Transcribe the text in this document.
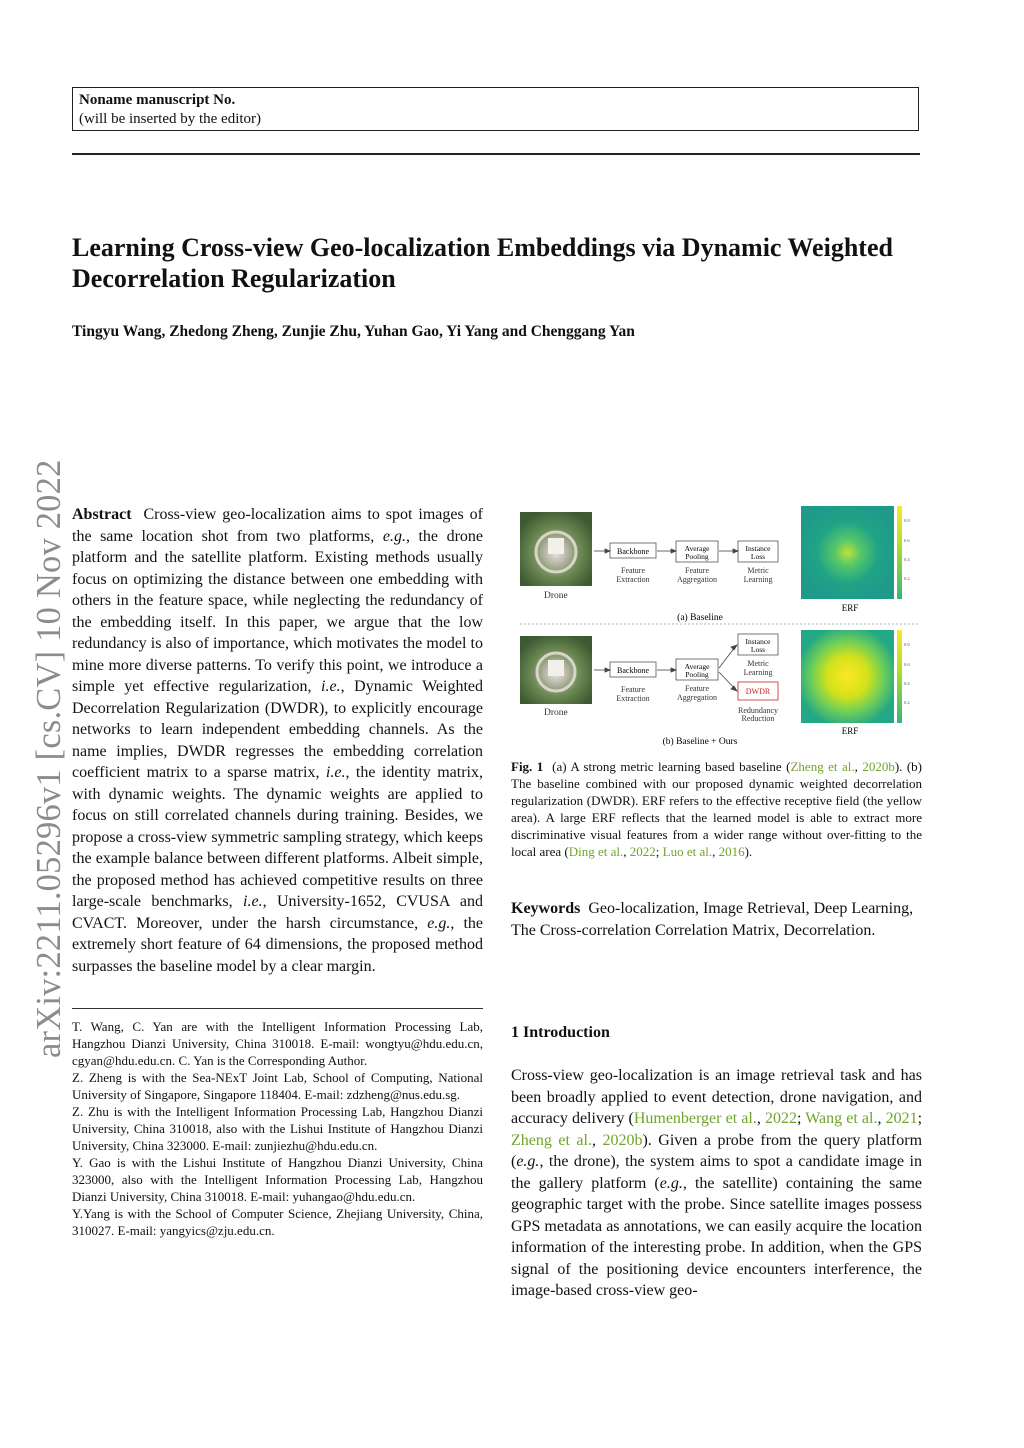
Noname manuscript No.
(will be inserted by the editor)
Learning Cross-view Geo-localization Embeddings via Dynamic Weighted Decorrelation Regularization
Tingyu Wang, Zhedong Zheng, Zunjie Zhu, Yuhan Gao, Yi Yang and Chenggang Yan
arXiv:2211.05296v1 [cs.CV] 10 Nov 2022 Abstract Cross-view geo-localization aims to spot images of the same location shot from two platforms, e.g., the drone platform and the satellite platform. Existing methods usually focus on optimizing the distance between one embedding with others in the feature space, while neglecting the redundancy of the embedding itself. In this paper, we argue that the low redundancy is also of importance, which motivates the model to mine more diverse patterns. To verify this point, we introduce a simple yet effective regularization, i.e., Dynamic Weighted Decorrelation Regularization (DWDR), to explicitly encourage networks to learn independent embedding channels. As the name implies, DWDR regresses the embedding correlation coefficient matrix to a sparse matrix, i.e., the identity matrix, with dynamic weights. The dynamic weights are applied to focus on still correlated channels during training. Besides, we propose a cross-view symmetric sampling strategy, which keeps the example balance between different platforms. Albeit simple, the proposed method has achieved competitive results on three large-scale benchmarks, i.e., University-1652, CVUSA and CVACT. Moreover, under the harsh circumstance, e.g., the extremely short feature of 64 dimensions, the proposed method surpasses the baseline model by a clear margin.

T. Wang, C. Yan are with the Intelligent Information Processing Lab, Hangzhou Dianzi University, China 310018. E-mail: wongtyu@hdu.edu.cn, cgyan@hdu.edu.cn. C. Yan is the Corresponding Author.

Z. Zheng is with the Sea-NExT Joint Lab, School of Computing, National University of Singapore, Singapore 118404. E-mail: zdzheng@nus.edu.sg.

Z. Zhu is with the Intelligent Information Processing Lab, Hangzhou Dianzi University, China 310018, also with the Lishui Institute of Hangzhou Dianzi University, China 323000. E-mail: zunjiezhu@hdu.edu.cn.

Y. Gao is with the Lishui Institute of Hangzhou Dianzi University, China 323000, also with the Intelligent Information Processing Lab, Hangzhou Dianzi University, China 310018. E-mail: yuhangao@hdu.edu.cn.

Y.Yang is with the School of Computer Science, Zhejiang University, China, 310027. E-mail: yangyics@zju.edu.cn.

Drone
Backbone
Feature
Extraction
Average
Pooling
Feature
Aggregation
Instance
Loss
Metric
Learning
0.8
0.6
0.4
0.2
ERF
(a) Baseline
Drone
Backbone
Feature
Extraction
Average
Pooling
Feature
Aggregation
Instance
Loss
Metric
Learning
DWDR
Redundancy
Reduction
0.8
0.6
0.4
0.2
ERF
(b) Baseline + Ours

Fig. 1 (a) A strong metric learning based baseline (Zheng et al., 2020b). (b) The baseline combined with our proposed dynamic weighted decorrelation regularization (DWDR). ERF refers to the effective receptive field (the yellow area). A large ERF reflects that the learned model is able to extract more discriminative visual features from a wider range without over-fitting to the local area (Ding et al., 2022; Luo et al., 2016).

Keywords Geo-localization, Image Retrieval, Deep Learning, The Cross-correlation Correlation Matrix, Decorrelation.

1 Introduction

Cross-view geo-localization is an image retrieval task and has been broadly applied to event detection, drone navigation, and accuracy delivery (Humenberger et al., 2022; Wang et al., 2021; Zheng et al., 2020b). Given a probe from the query platform (e.g., the drone), the system aims to spot a candidate image in the gallery platform (e.g., the satellite) containing the same geographic target with the probe. Since satellite images possess GPS metadata as annotations, we can easily acquire the location information of the interesting probe. In addition, when the GPS signal of the positioning device encounters interference, the image-based cross-view geo-
